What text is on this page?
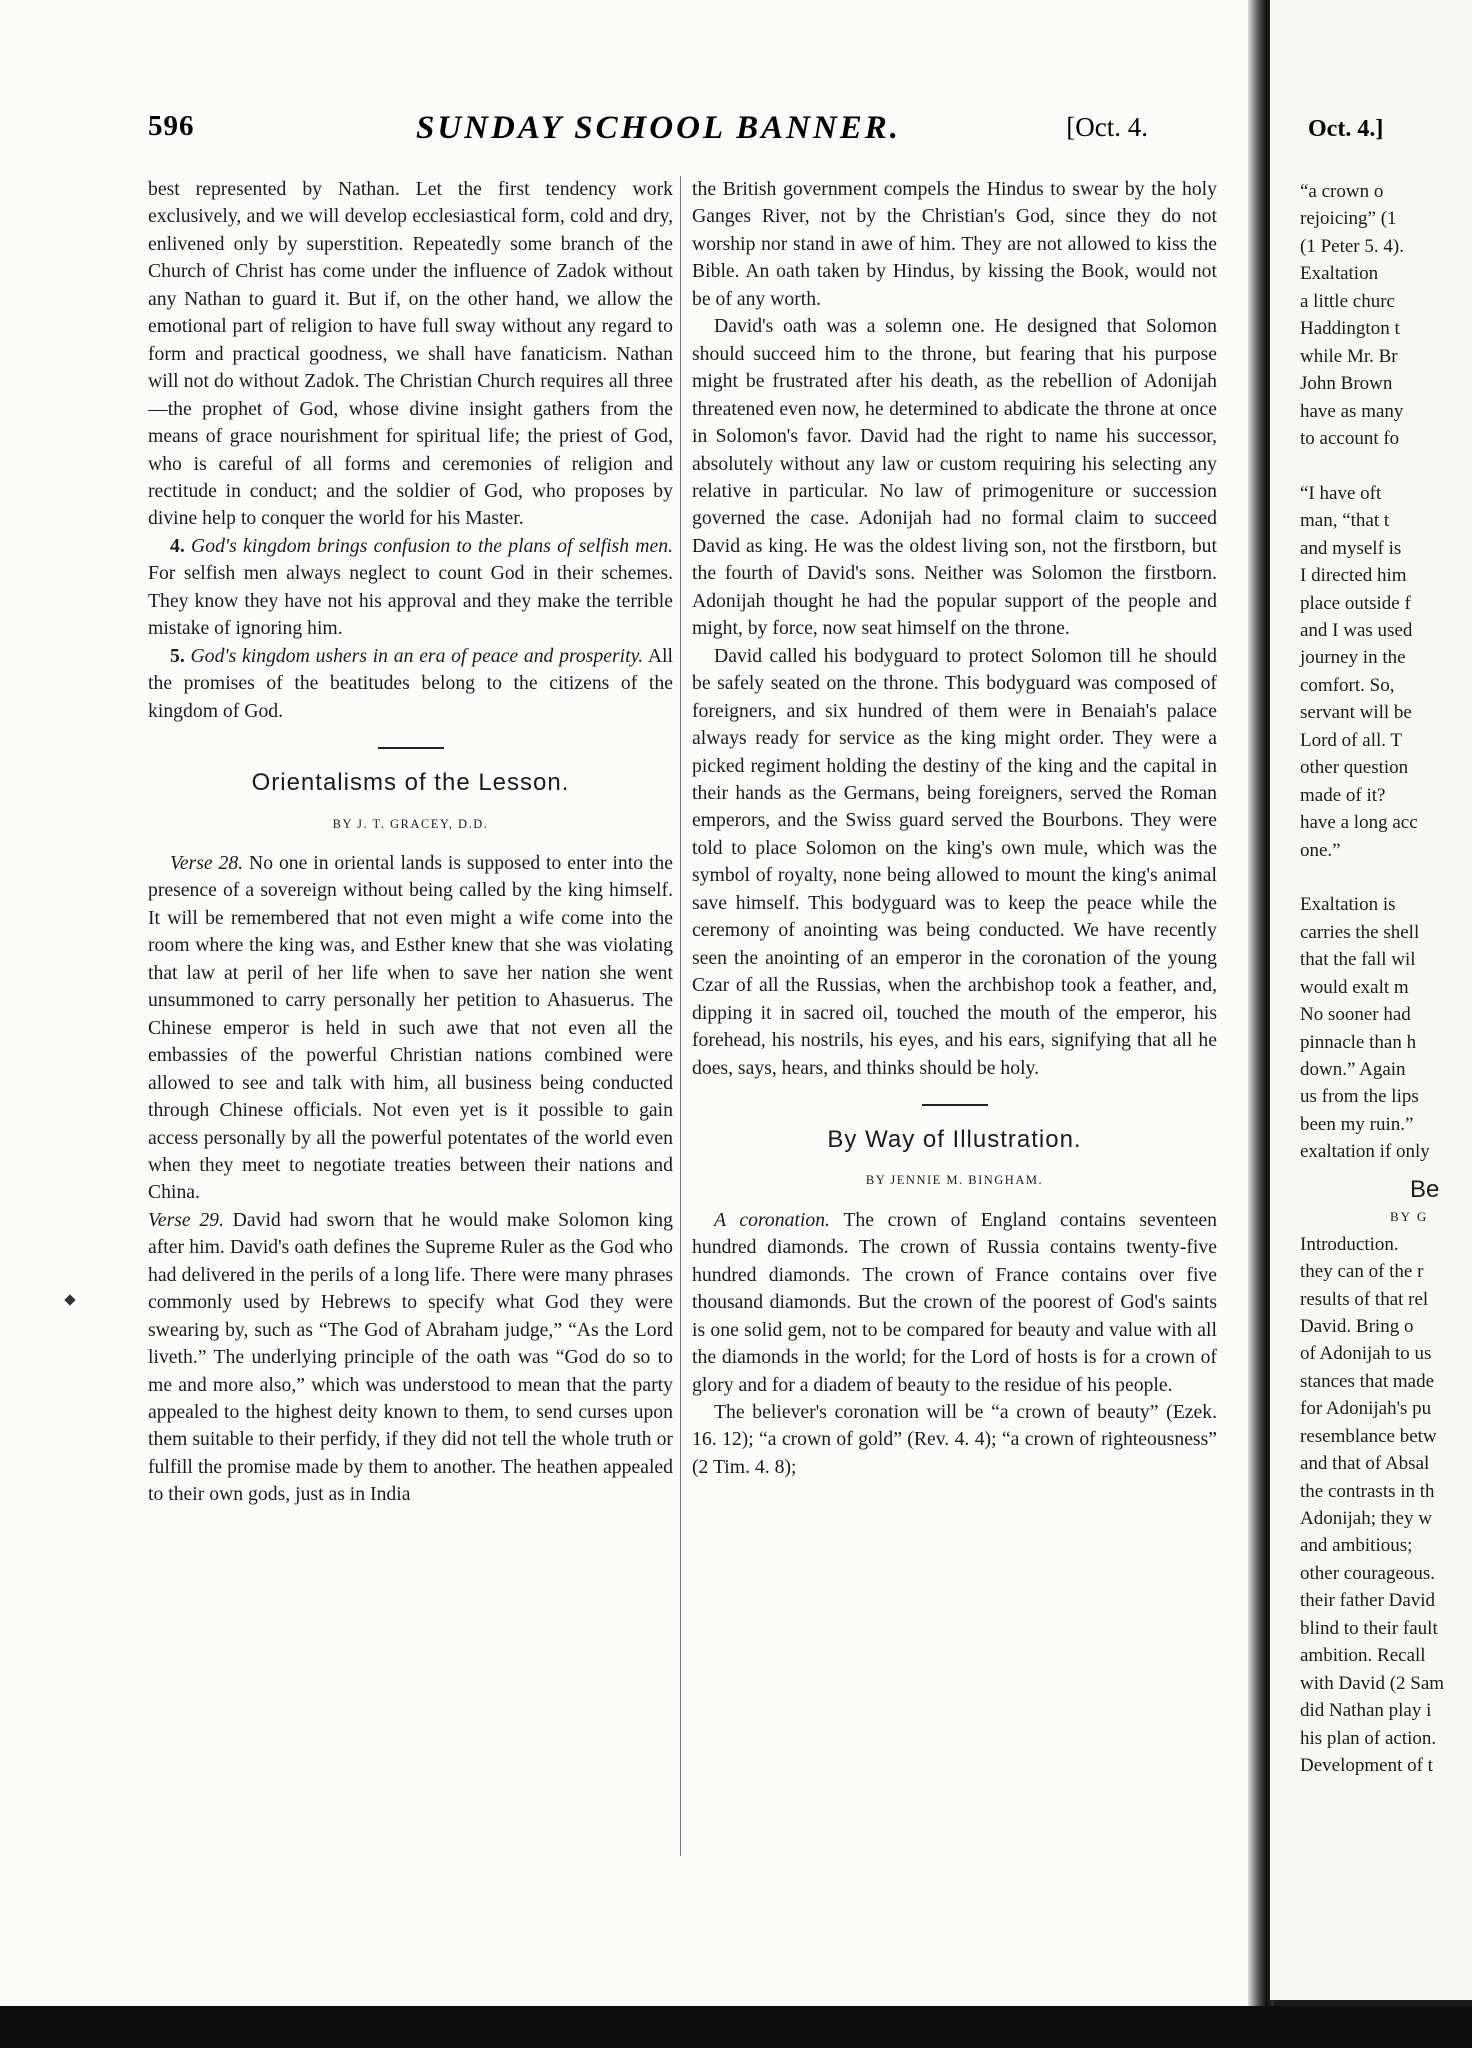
596	SUNDAY SCHOOL BANNER.	[Oct. 4.

best represented by Nathan. Let the first tendency work exclusively, and we will develop ecclesiastical form, cold and dry, enlivened only by superstition. Repeatedly some branch of the Church of Christ has come under the influence of Zadok without any Nathan to guard it. But if, on the other hand, we allow the emotional part of religion to have full sway without any regard to form and practical goodness, we shall have fanaticism. Nathan will not do without Zadok. The Christian Church requires all three—the prophet of God, whose divine insight gathers from the means of grace nourishment for spiritual life; the priest of God, who is careful of all forms and ceremonies of religion and rectitude in conduct; and the soldier of God, who proposes by divine help to conquer the world for his Master.

4. God's kingdom brings confusion to the plans of selfish men. For selfish men always neglect to count God in their schemes. They know they have not his approval and they make the terrible mistake of ignoring him.

5. God's kingdom ushers in an era of peace and prosperity. All the promises of the beatitudes belong to the citizens of the kingdom of God.

Orientalisms of the Lesson.
BY J. T. GRACEY, D.D.

Verse 28. No one in oriental lands is supposed to enter into the presence of a sovereign without being called by the king himself. It will be remembered that not even might a wife come into the room where the king was, and Esther knew that she was violating that law at peril of her life when to save her nation she went unsummoned to carry personally her petition to Ahasuerus. The Chinese emperor is held in such awe that not even all the embassies of the powerful Christian nations combined were allowed to see and talk with him, all business being conducted through Chinese officials. Not even yet is it possible to gain access personally by all the powerful potentates of the world even when they meet to negotiate treaties between their nations and China.

Verse 29. David had sworn that he would make Solomon king after him. David's oath defines the Supreme Ruler as the God who had delivered in the perils of a long life. There were many phrases commonly used by Hebrews to specify what God they were swearing by, such as “The God of Abraham judge,” “As the Lord liveth.” The underlying principle of the oath was “God do so to me and more also,” which was understood to mean that the party appealed to the highest deity known to them, to send curses upon them suitable to their perfidy, if they did not tell the whole truth or fulfill the promise made by them to another. The heathen appealed to their own gods, just as in India

the British government compels the Hindus to swear by the holy Ganges River, not by the Christian's God, since they do not worship nor stand in awe of him. They are not allowed to kiss the Bible. An oath taken by Hindus, by kissing the Book, would not be of any worth.

David's oath was a solemn one. He designed that Solomon should succeed him to the throne, but fearing that his purpose might be frustrated after his death, as the rebellion of Adonijah threatened even now, he determined to abdicate the throne at once in Solomon's favor. David had the right to name his successor, absolutely without any law or custom requiring his selecting any relative in particular. No law of primogeniture or succession governed the case. Adonijah had no formal claim to succeed David as king. He was the oldest living son, not the firstborn, but the fourth of David's sons. Neither was Solomon the firstborn. Adonijah thought he had the popular support of the people and might, by force, now seat himself on the throne.

David called his bodyguard to protect Solomon till he should be safely seated on the throne. This bodyguard was composed of foreigners, and six hundred of them were in Benaiah's palace always ready for service as the king might order. They were a picked regiment holding the destiny of the king and the capital in their hands as the Germans, being foreigners, served the Roman emperors, and the Swiss guard served the Bourbons. They were told to place Solomon on the king's own mule, which was the symbol of royalty, none being allowed to mount the king's animal save himself. This bodyguard was to keep the peace while the ceremony of anointing was being conducted. We have recently seen the anointing of an emperor in the coronation of the young Czar of all the Russias, when the archbishop took a feather, and, dipping it in sacred oil, touched the mouth of the emperor, his forehead, his nostrils, his eyes, and his ears, signifying that all he does, says, hears, and thinks should be holy.

By Way of Illustration.
BY JENNIE M. BINGHAM.

A coronation. The crown of England contains seventeen hundred diamonds. The crown of Russia contains twenty-five hundred diamonds. The crown of France contains over five thousand diamonds. But the crown of the poorest of God's saints is one solid gem, not to be compared for beauty and value with all the diamonds in the world; for the Lord of hosts is for a crown of glory and for a diadem of beauty to the residue of his people.

The believer's coronation will be “a crown of beauty” (Ezek. 16. 12); “a crown of gold” (Rev. 4. 4); “a crown of righteousness” (2 Tim. 4. 8);

Oct. 4.]
“a crown o
rejoicing” (1
(1 Peter 5. 4).
Exaltation
a little churc
Haddington t
while Mr. Br
John Brown
have as many
to account fo
“I have oft
man, “that t
and myself is
I directed him
place outside f
and I was used
journey in the
comfort. So,
servant will be
Lord of all. T
other question
made of it?
have a long acc
one.”
Exaltation is
carries the shell
that the fall wil
would exalt m
No sooner had
pinnacle than h
down.” Again
us from the lips
been my ruin.”
exaltation if only
Be
BY G
Introduction.
they can of the r
results of that rel
David. Bring o
of Adonijah to us
stances that made
for Adonijah's pu
resemblance betw
and that of Absal
the contrasts in th
Adonijah; they w
and ambitious;
other courageous.
their father David
blind to their fault
ambition. Recall
with David (2 Sam
did Nathan play i
his plan of action.
Development of t
